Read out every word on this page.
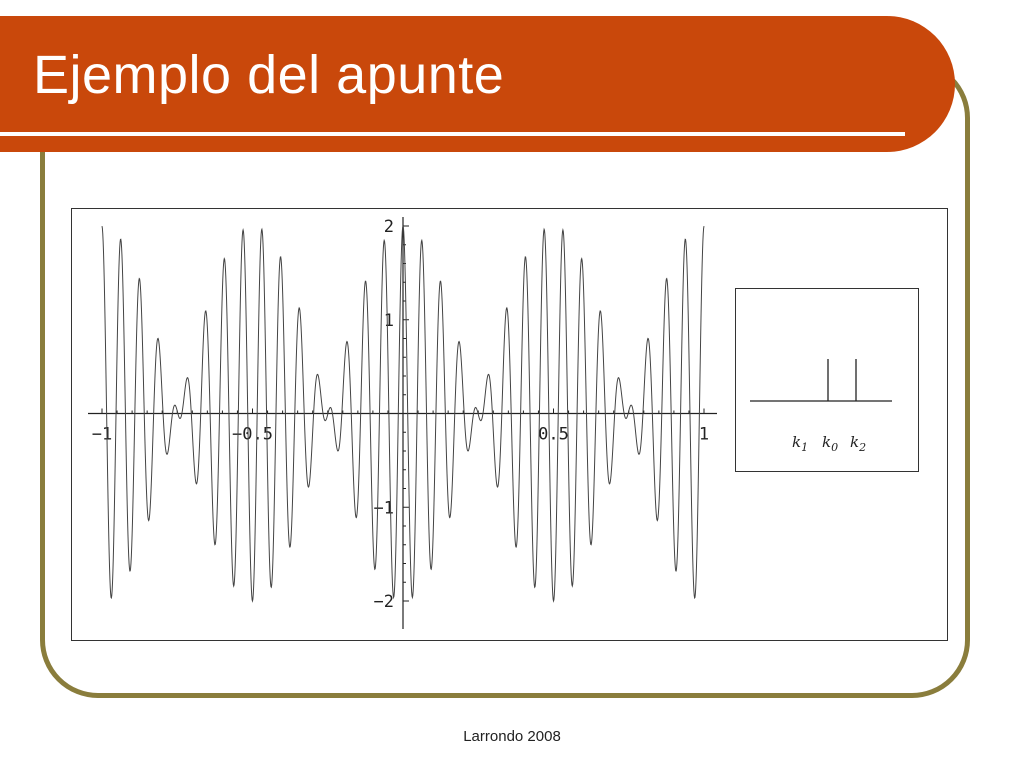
Ejemplo del apunte
−1	−0.5	0.5	1
−2
−1
1
2
$k_1$ $k_0$ $k_2$
Larrondo 2008
